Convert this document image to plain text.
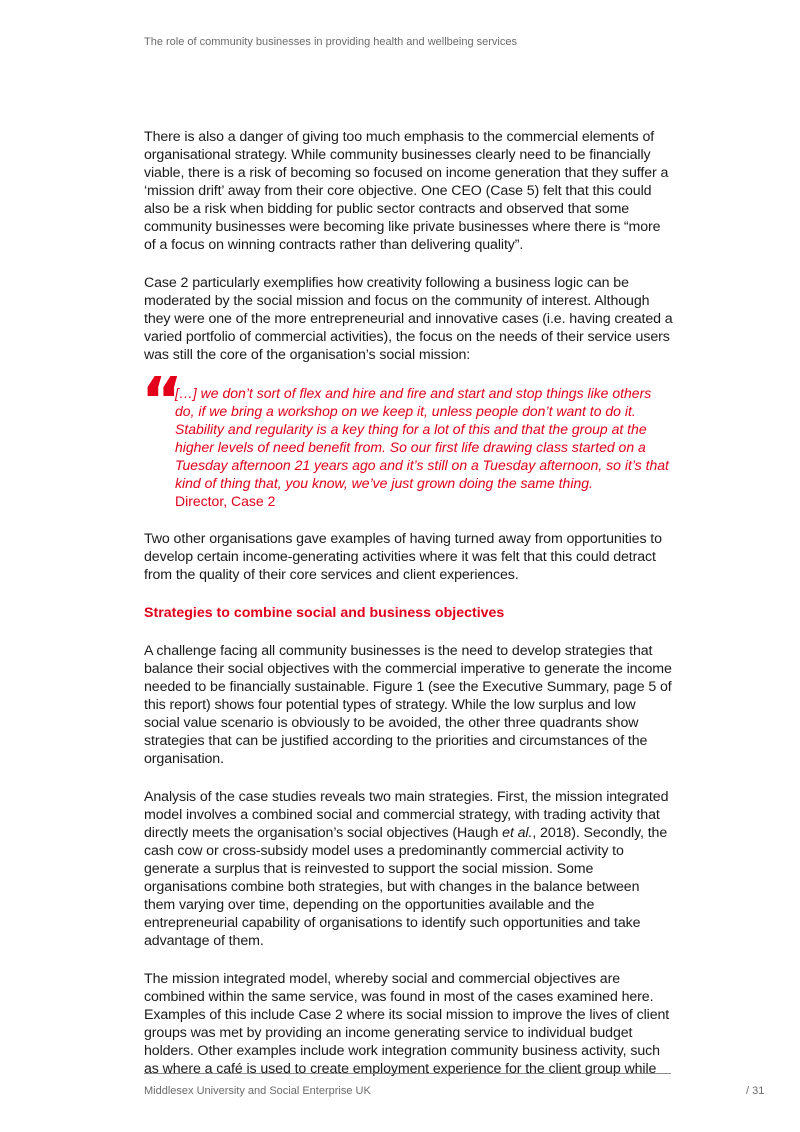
The role of community businesses in providing health and wellbeing services

There is also a danger of giving too much emphasis to the commercial elements of organisational strategy. While community businesses clearly need to be financially viable, there is a risk of becoming so focused on income generation that they suffer a ‘mission drift’ away from their core objective. One CEO (Case 5) felt that this could also be a risk when bidding for public sector contracts and observed that some community businesses were becoming like private businesses where there is “more of a focus on winning contracts rather than delivering quality”.

Case 2 particularly exemplifies how creativity following a business logic can be moderated by the social mission and focus on the community of interest. Although they were one of the more entrepreneurial and innovative cases (i.e. having created a varied portfolio of commercial activities), the focus on the needs of their service users was still the core of the organisation’s social mission:

“
[…] we don’t sort of flex and hire and fire and start and stop things like others do, if we bring a workshop on we keep it, unless people don’t want to do it. Stability and regularity is a key thing for a lot of this and that the group at the higher levels of need benefit from. So our first life drawing class started on a Tuesday afternoon 21 years ago and it’s still on a Tuesday afternoon, so it’s that kind of thing that, you know, we’ve just grown doing the same thing.
Director, Case 2

Two other organisations gave examples of having turned away from opportunities to develop certain income-generating activities where it was felt that this could detract from the quality of their core services and client experiences.

Strategies to combine social and business objectives

A challenge facing all community businesses is the need to develop strategies that balance their social objectives with the commercial imperative to generate the income needed to be financially sustainable. Figure 1 (see the Executive Summary, page 5 of this report) shows four potential types of strategy. While the low surplus and low social value scenario is obviously to be avoided, the other three quadrants show strategies that can be justified according to the priorities and circumstances of the organisation.

Analysis of the case studies reveals two main strategies. First, the mission integrated model involves a combined social and commercial strategy, with trading activity that directly meets the organisation’s social objectives (Haugh et al., 2018). Secondly, the cash cow or cross-subsidy model uses a predominantly commercial activity to generate a surplus that is reinvested to support the social mission. Some organisations combine both strategies, but with changes in the balance between them varying over time, depending on the opportunities available and the entrepreneurial capability of organisations to identify such opportunities and take advantage of them.

The mission integrated model, whereby social and commercial objectives are combined within the same service, was found in most of the cases examined here. Examples of this include Case 2 where its social mission to improve the lives of client groups was met by providing an income generating service to individual budget holders. Other examples include work integration community business activity, such as where a café is used to create employment experience for the client group while

Middlesex University and Social Enterprise UK	/ 31
